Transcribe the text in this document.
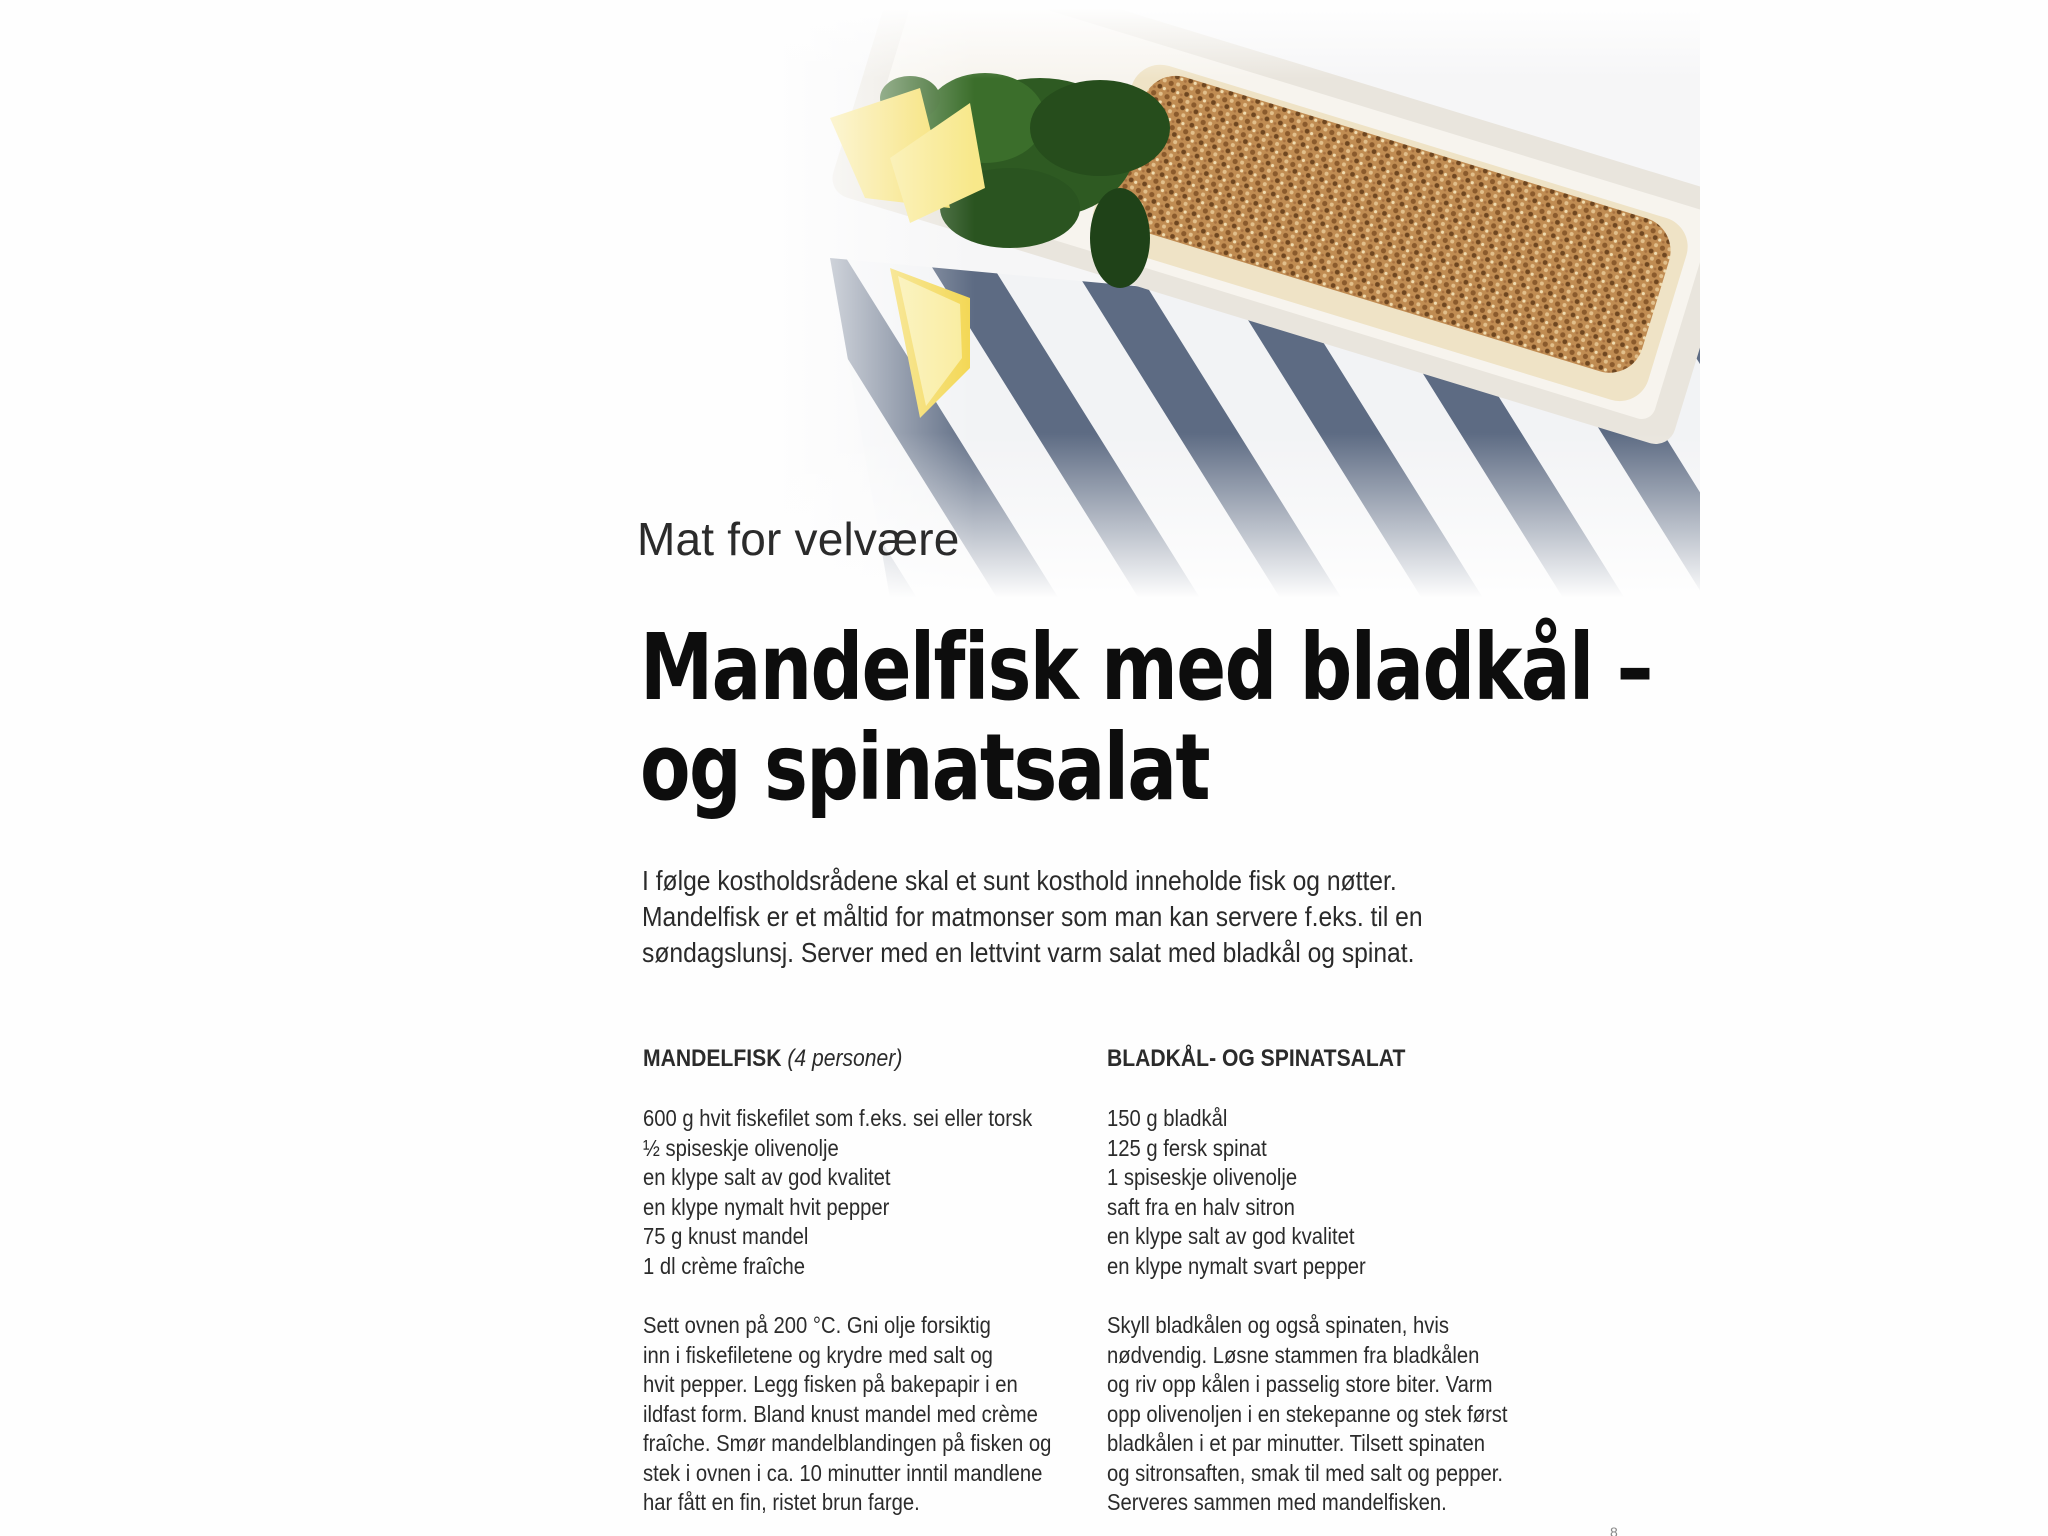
Mat for velvære
Mandelfisk med bladkål –
og spinatsalat
I følge kostholdsrådene skal et sunt kosthold inneholde fisk og nøtter.
Mandelfisk er et måltid for matmonser som man kan servere f.eks. til en
søndagslunsj. Server med en lettvint varm salat med bladkål og spinat.
MANDELFISK (4 personer)
600 g hvit fiskefilet som f.eks. sei eller torsk
½ spiseskje olivenolje
en klype salt av god kvalitet
en klype nymalt hvit pepper
75 g knust mandel
1 dl crème fraîche
Sett ovnen på 200 °C. Gni olje forsiktig
inn i fiskefiletene og krydre med salt og
hvit pepper. Legg fisken på bakepapir i en
ildfast form. Bland knust mandel med crème
fraîche. Smør mandelblandingen på fisken og
stek i ovnen i ca. 10 minutter inntil mandlene
har fått en fin, ristet brun farge.
BLADKÅL- OG SPINATSALAT
150 g bladkål
125 g fersk spinat
1 spiseskje olivenolje
saft fra en halv sitron
en klype salt av god kvalitet
en klype nymalt svart pepper
Skyll bladkålen og også spinaten, hvis
nødvendig. Løsne stammen fra bladkålen
og riv opp kålen i passelig store biter. Varm
opp olivenoljen i en stekepanne og stek først
bladkålen i et par minutter. Tilsett spinaten
og sitronsaften, smak til med salt og pepper.
Serveres sammen med mandelfisken.
8
